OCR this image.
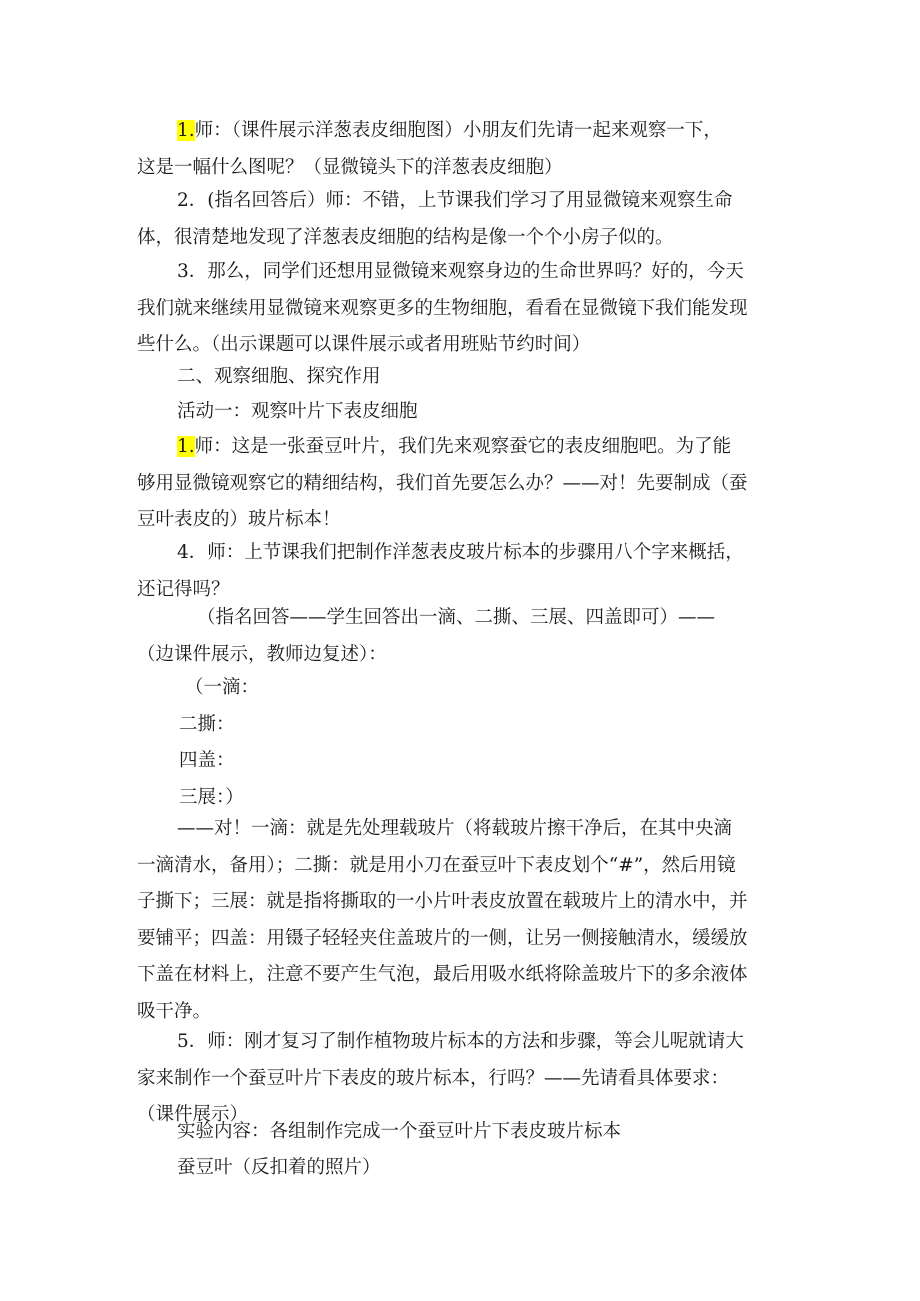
1.师：（课件展示洋葱表皮细胞图）小朋友们先请一起来观察一下，
这是一幅什么图呢？（显微镜头下的洋葱表皮细胞）
2．(指名回答后）师：不错，上节课我们学习了用显微镜来观察生命
体，很清楚地发现了洋葱表皮细胞的结构是像一个个小房子似的。
3．那么，同学们还想用显微镜来观察身边的生命世界吗？好的，今天
我们就来继续用显微镜来观察更多的生物细胞，看看在显微镜下我们能发现
些什么。（出示课题可以课件展示或者用班贴节约时间）
二、观察细胞、探究作用
活动一：观察叶片下表皮细胞
1.师：这是一张蚕豆叶片，我们先来观察蚕它的表皮细胞吧。为了能
够用显微镜观察它的精细结构，我们首先要怎么办？——对！先要制成（蚕
豆叶表皮的）玻片标本！
4．师：上节课我们把制作洋葱表皮玻片标本的步骤用八个字来概括，
还记得吗？
（指名回答——学生回答出一滴、二撕、三展、四盖即可）——
（边课件展示，教师边复述）：
（一滴：
二撕：
四盖：
三展：）
——对！一滴：就是先处理载玻片（将载玻片擦干净后，在其中央滴
一滴清水，备用）；二撕：就是用小刀在蚕豆叶下表皮划个“#”，然后用镜
子撕下；三展：就是指将撕取的一小片叶表皮放置在载玻片上的清水中，并
要铺平；四盖：用镊子轻轻夹住盖玻片的一侧，让另一侧接触清水，缓缓放
下盖在材料上，注意不要产生气泡，最后用吸水纸将除盖玻片下的多余液体
吸干净。
5．师：刚才复习了制作植物玻片标本的方法和步骤，等会儿呢就请大
家来制作一个蚕豆叶片下表皮的玻片标本，行吗？——先请看具体要求：
（课件展示）
实验内容：各组制作完成一个蚕豆叶片下表皮玻片标本
蚕豆叶（反扣着的照片）
